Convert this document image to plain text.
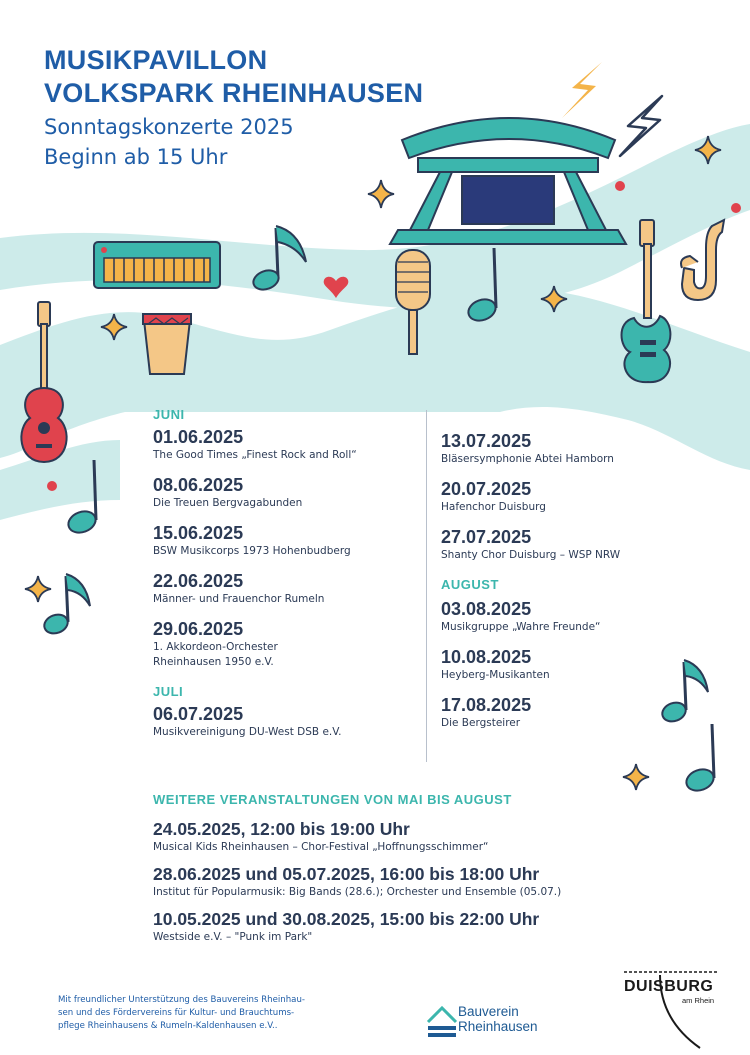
MUSIKPAVILLON
VOLKSPARK RHEINHAUSEN
Sonntagskonzerte 2025
Beginn ab 15 Uhr
JUNI
01.06.2025
The Good Times „Finest Rock and Roll“
08.06.2025
Die Treuen Bergvagabunden
15.06.2025
BSW Musikcorps 1973 Hohenbudberg
22.06.2025
Männer- und Frauenchor Rumeln
29.06.2025
1. Akkordeon-Orchester
Rheinhausen 1950 e.V.
JULI
06.07.2025
Musikvereinigung DU-West DSB e.V.
13.07.2025
Bläsersymphonie Abtei Hamborn
20.07.2025
Hafenchor Duisburg
27.07.2025
Shanty Chor Duisburg – WSP NRW
AUGUST
03.08.2025
Musikgruppe „Wahre Freunde“
10.08.2025
Heyberg-Musikanten
17.08.2025
Die Bergsteirer
WEITERE VERANSTALTUNGEN VON MAI BIS AUGUST
24.05.2025, 12:00 bis 19:00 Uhr
Musical Kids Rheinhausen – Chor-Festival „Hoffnungsschimmer“
28.06.2025 und 05.07.2025, 16:00 bis 18:00 Uhr
Institut für Popularmusik: Big Bands (28.6.); Orchester und Ensemble (05.07.)
10.05.2025 und 30.08.2025, 15:00 bis 22:00 Uhr
Westside e.V. – "Punk im Park"
Mit freundlicher Unterstützung des Bauvereins Rheinhau-
sen und des Fördervereins für Kultur- und Brauchtums-
pflege Rheinhausens & Rumeln-Kaldenhausen e.V..
Bauverein
Rheinhausen
DUISBURG
am Rhein
